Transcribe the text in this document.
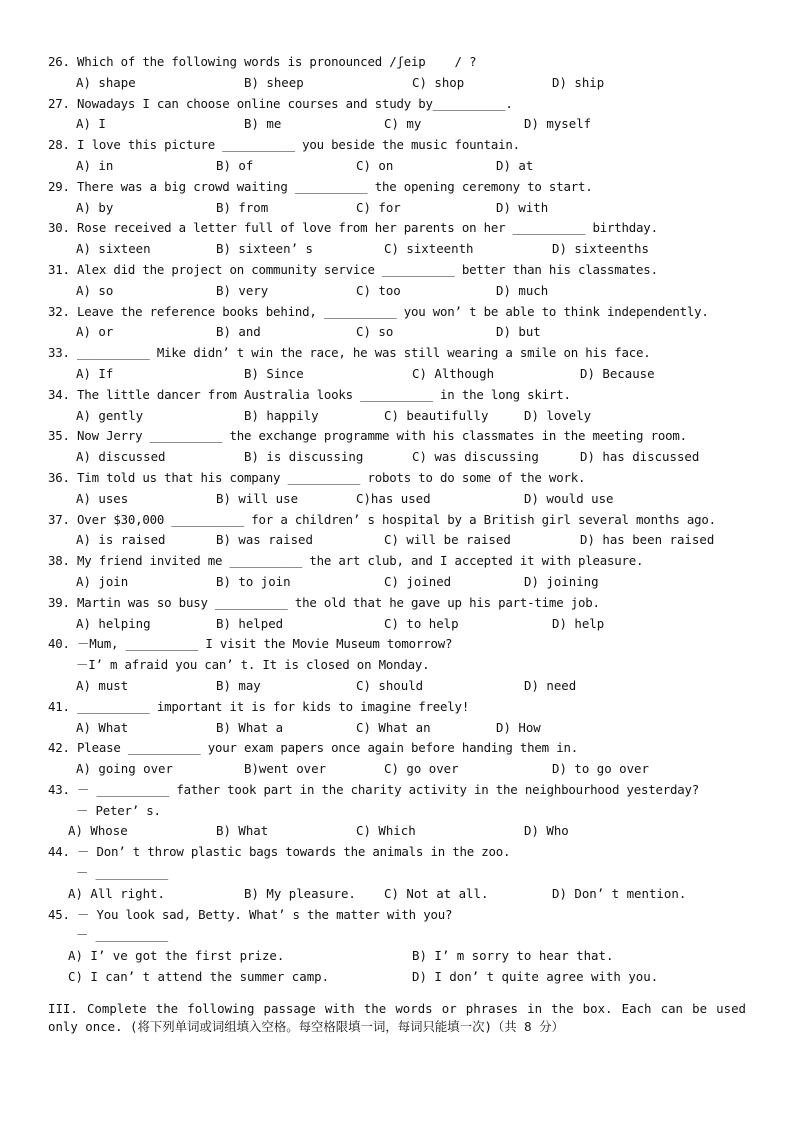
26. Which of the following words is pronounced /ʃeip    / ?
A) shape	B) sheep	C) shop	D) ship
27. Nowadays I can choose online courses and study by__________.
A) I	B) me	C) my	D) myself
28. I love this picture __________ you beside the music fountain.
A) in	B) of	C) on	D) at
29. There was a big crowd waiting __________ the opening ceremony to start.
A) by	B) from	C) for	D) with
30. Rose received a letter full of love from her parents on her __________ birthday.
A) sixteen	B) sixteen’ s	C) sixteenth	D) sixteenths
31. Alex did the project on community service __________ better than his classmates.
A) so	B) very	C) too	D) much
32. Leave the reference books behind, __________ you won’ t be able to think independently.
A) or	B) and	C) so	D) but
33. __________ Mike didn’ t win the race, he was still wearing a smile on his face.
A) If	B) Since	C) Although	D) Because
34. The little dancer from Australia looks __________ in the long skirt.
A) gently	B) happily	C) beautifully	D) lovely
35. Now Jerry __________ the exchange programme with his classmates in the meeting room.
A) discussed	B) is discussing	C) was discussing	D) has discussed
36. Tim told us that his company __________ robots to do some of the work.
A) uses	B) will use	C)has used	D) would use
37. Over $30,000 __________ for a children’ s hospital by a British girl several months ago.
A) is raised	B) was raised	C) will be raised	D) has been raised
38. My friend invited me __________ the art club, and I accepted it with pleasure.
A) join	B) to join	C) joined	D) joining
39. Martin was so busy __________ the old that he gave up his part-time job.
A) helping	B) helped	C) to help	D) help
40. －Mum, __________ I visit the Movie Museum tomorrow?
－I’ m afraid you can’ t. It is closed on Monday.
A) must	B) may	C) should	D) need
41. __________ important it is for kids to imagine freely!
A) What	B) What a	C) What an	D) How
42. Please __________ your exam papers once again before handing them in.
A) going over	B)went over	C) go over	D) to go over
43. － __________ father took part in the charity activity in the neighbourhood yesterday?
－ Peter’ s.
A) Whose	B) What	C) Which	D) Who
44. － Don’ t throw plastic bags towards the animals in the zoo.
－ __________
A) All right.	B) My pleasure. C) Not at all.	D) Don’ t mention.
45. － You look sad, Betty. What’ s the matter with you?
－ __________
A) I’ ve got the first prize.	B) I’ m sorry to hear that.
C) I can’ t attend the summer camp.	D) I don’ t quite agree with you.
III. Complete the following passage with the words or phrases in the box. Each can be used only once. (将下列单词或词组填入空格。每空格限填一词，每词只能填一次)（共 8 分）
